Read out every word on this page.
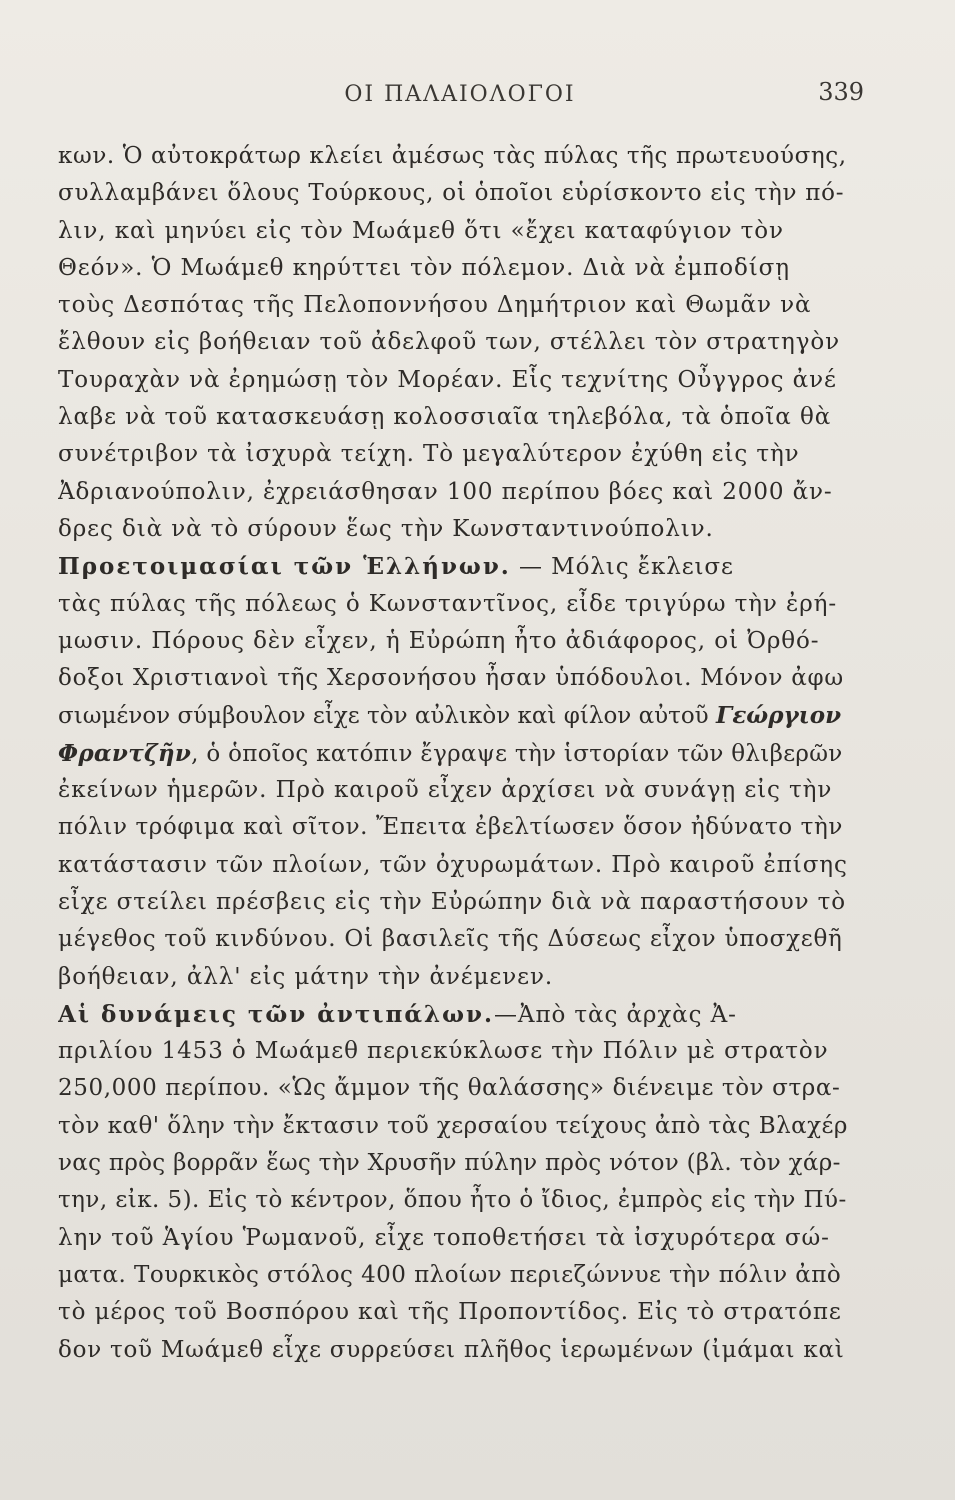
ΟΙ ΠΑΛΑΙΟΛΟΓΟΙ	339
κων. Ὁ αὐτοκράτωρ κλείει ἀμέσως τὰς πύλας τῆς πρωτευούσης,
συλλαμβάνει ὅλους Τούρκους, οἱ ὁποῖοι εὑρίσκοντο εἰς τὴν πό-
λιν, καὶ μηνύει εἰς τὸν Μωάμεθ ὅτι «ἔχει καταφύγιον τὸν
Θεόν». Ὁ Μωάμεθ κηρύττει τὸν πόλεμον. Διὰ νὰ ἐμποδίσῃ
τοὺς Δεσπότας τῆς Πελοποννήσου Δημήτριον καὶ Θωμᾶν νὰ
ἔλθουν εἰς βοήθειαν τοῦ ἀδελφοῦ των, στέλλει τὸν στρατηγὸν
Τουραχὰν νὰ ἐρημώσῃ τὸν Μορέαν. Εἷς τεχνίτης Οὖγγρος ἀνέ
λαβε νὰ τοῦ κατασκευάσῃ κολοσσιαῖα τηλεβόλα, τὰ ὁποῖα θὰ
συνέτριβον τὰ ἰσχυρὰ τείχη. Τὸ μεγαλύτερον ἐχύθη εἰς τὴν
Ἀδριανούπολιν, ἐχρειάσθησαν 100 περίπου βόες καὶ 2000 ἄν-
δρες διὰ νὰ τὸ σύρουν ἕως τὴν Κωνσταντινούπολιν.
Προετοιμασίαι τῶν Ἑλλήνων. — Μόλις ἔκλεισε
τὰς πύλας τῆς πόλεως ὁ Κωνσταντῖνος, εἶδε τριγύρω τὴν ἐρή-
μωσιν. Πόρους δὲν εἶχεν, ἡ Εὐρώπη ἦτο ἀδιάφορος, οἱ Ὀρθό-
δοξοι Χριστιανοὶ τῆς Χερσονήσου ἦσαν ὑπόδουλοι. Μόνον ἀφω
σιωμένον σύμβουλον εἶχε τὸν αὐλικὸν καὶ φίλον αὐτοῦ Γεώργιον
Φραντζῆν, ὁ ὁποῖος κατόπιν ἔγραψε τὴν ἱστορίαν τῶν θλιβερῶν
ἐκείνων ἡμερῶν. Πρὸ καιροῦ εἶχεν ἀρχίσει νὰ συνάγῃ εἰς τὴν
πόλιν τρόφιμα καὶ σῖτον. Ἔπειτα ἐβελτίωσεν ὅσον ἠδύνατο τὴν
κατάστασιν τῶν πλοίων, τῶν ὀχυρωμάτων. Πρὸ καιροῦ ἐπίσης
εἶχε στείλει πρέσβεις εἰς τὴν Εὐρώπην διὰ νὰ παραστήσουν τὸ
μέγεθος τοῦ κινδύνου. Οἱ βασιλεῖς τῆς Δύσεως εἶχον ὑποσχεθῆ
βοήθειαν, ἀλλ' εἰς μάτην τὴν ἀνέμενεν.
Αἱ δυνάμεις τῶν ἀντιπάλων.—Ἀπὸ τὰς ἀρχὰς Ἀ-
πριλίου 1453 ὁ Μωάμεθ περιεκύκλωσε τὴν Πόλιν μὲ στρατὸν
250,000 περίπου. «Ὡς ἄμμον τῆς θαλάσσης» διένειμε τὸν στρα-
τὸν καθ' ὅλην τὴν ἔκτασιν τοῦ χερσαίου τείχους ἀπὸ τὰς Βλαχέρ
νας πρὸς βορρᾶν ἕως τὴν Χρυσῆν πύλην πρὸς νότον (βλ. τὸν χάρ-
την, εἰκ. 5). Εἰς τὸ κέντρον, ὅπου ἦτο ὁ ἴδιος, ἐμπρὸς εἰς τὴν Πύ-
λην τοῦ Ἁγίου Ῥωμανοῦ, εἶχε τοποθετήσει τὰ ἰσχυρότερα σώ-
ματα. Τουρκικὸς στόλος 400 πλοίων περιεζώννυε τὴν πόλιν ἀπὸ
τὸ μέρος τοῦ Βοσπόρου καὶ τῆς Προποντίδος. Εἰς τὸ στρατόπε
δον τοῦ Μωάμεθ εἶχε συρρεύσει πλῆθος ἱερωμένων (ἰμάμαι καὶ
